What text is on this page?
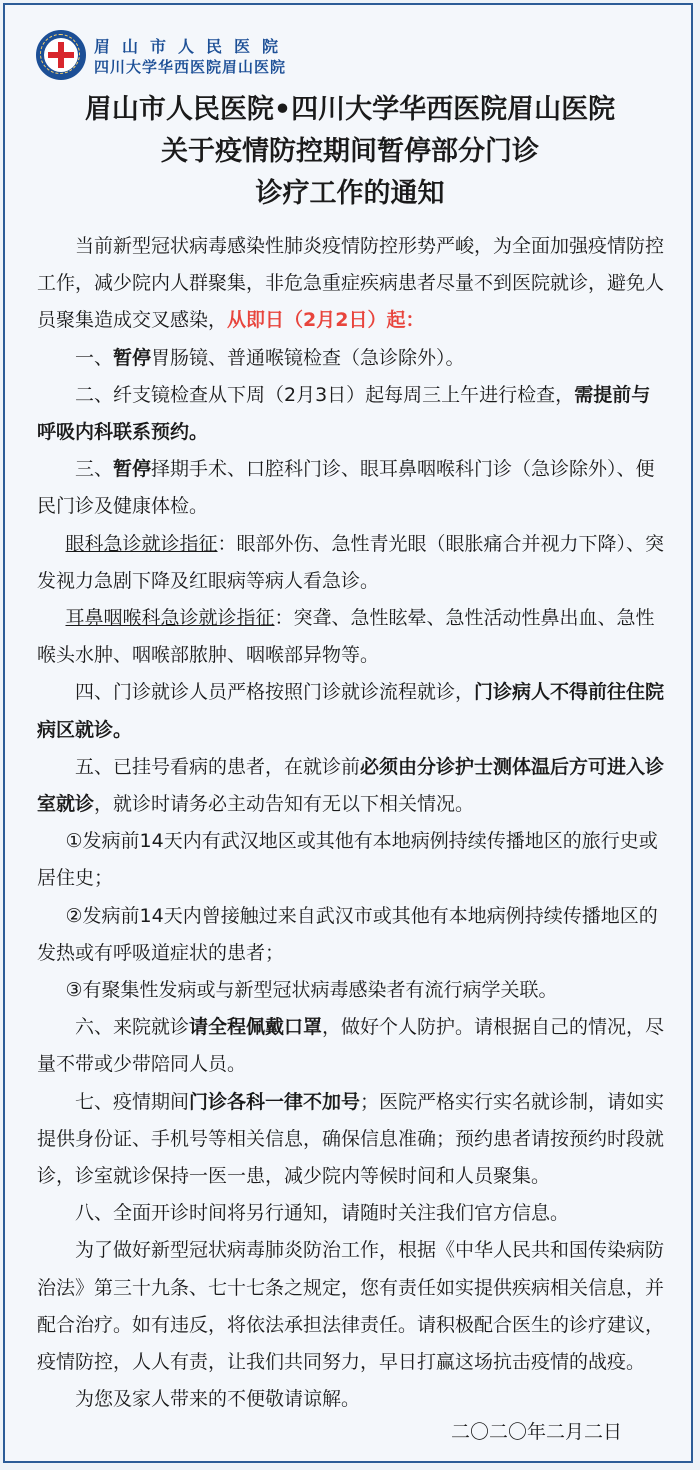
眉山市人民医院
四川大学华西医院眉山医院
眉山市人民医院•四川大学华西医院眉山医院
关于疫情防控期间暂停部分门诊
诊疗工作的通知

当前新型冠状病毒感染性肺炎疫情防控形势严峻，为全面加强疫情防控工作，减少院内人群聚集，非危急重症疾病患者尽量不到医院就诊，避免人员聚集造成交叉感染，从即日（2月2日）起：

一、暂停胃肠镜、普通喉镜检查（急诊除外）。

二、纤支镜检查从下周（2月3日）起每周三上午进行检查，需提前与呼吸内科联系预约。

三、暂停择期手术、口腔科门诊、眼耳鼻咽喉科门诊（急诊除外）、便民门诊及健康体检。

眼科急诊就诊指征：眼部外伤、急性青光眼（眼胀痛合并视力下降）、突发视力急剧下降及红眼病等病人看急诊。

耳鼻咽喉科急诊就诊指征：突聋、急性眩晕、急性活动性鼻出血、急性喉头水肿、咽喉部脓肿、咽喉部异物等。

四、门诊就诊人员严格按照门诊就诊流程就诊，门诊病人不得前往住院病区就诊。

五、已挂号看病的患者，在就诊前必须由分诊护士测体温后方可进入诊室就诊，就诊时请务必主动告知有无以下相关情况。

①发病前14天内有武汉地区或其他有本地病例持续传播地区的旅行史或居住史；

②发病前14天内曾接触过来自武汉市或其他有本地病例持续传播地区的发热或有呼吸道症状的患者；

③有聚集性发病或与新型冠状病毒感染者有流行病学关联。

六、来院就诊请全程佩戴口罩，做好个人防护。请根据自己的情况，尽量不带或少带陪同人员。

七、疫情期间门诊各科一律不加号；医院严格实行实名就诊制，请如实提供身份证、手机号等相关信息，确保信息准确；预约患者请按预约时段就诊，诊室就诊保持一医一患，减少院内等候时间和人员聚集。

八、全面开诊时间将另行通知，请随时关注我们官方信息。

为了做好新型冠状病毒肺炎防治工作，根据《中华人民共和国传染病防治法》第三十九条、七十七条之规定，您有责任如实提供疾病相关信息，并配合治疗。如有违反，将依法承担法律责任。请积极配合医生的诊疗建议，疫情防控，人人有责，让我们共同努力，早日打赢这场抗击疫情的战疫。

为您及家人带来的不便敬请谅解。

二〇二〇年二月二日
